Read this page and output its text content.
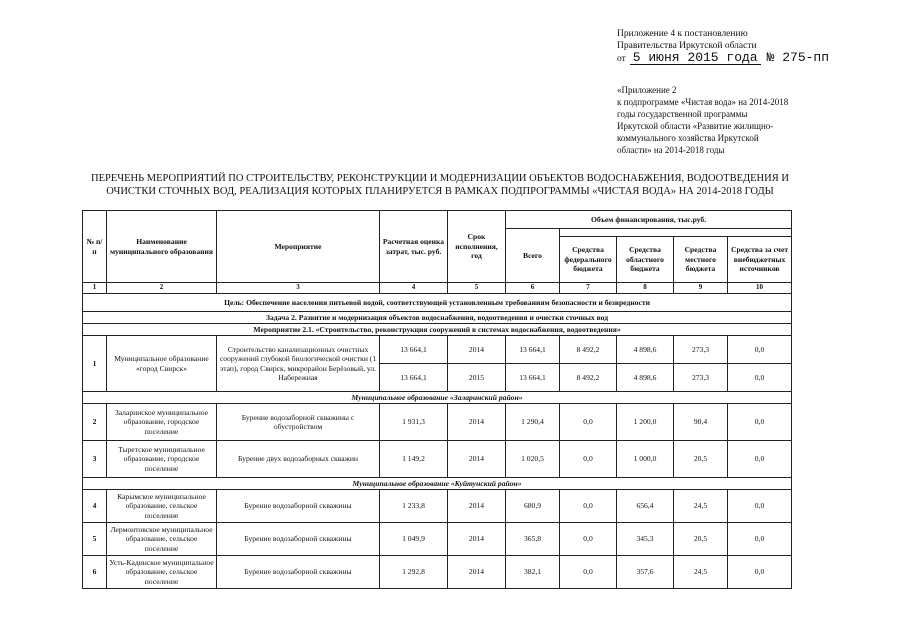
Приложение 4 к постановлению
Правительства Иркутской области
от 5 июня 2015 года № 275-пп
«Приложение 2
к подпрограмме «Чистая вода» на 2014-2018 годы государственной программы Иркутской области «Развитие жилищно-коммунального хозяйства Иркутской области» на 2014-2018 годы
ПЕРЕЧЕНЬ МЕРОПРИЯТИЙ ПО СТРОИТЕЛЬСТВУ, РЕКОНСТРУКЦИИ И МОДЕРНИЗАЦИИ ОБЪЕКТОВ ВОДОСНАБЖЕНИЯ, ВОДООТВЕДЕНИЯ И ОЧИСТКИ СТОЧНЫХ ВОД, РЕАЛИЗАЦИЯ КОТОРЫХ ПЛАНИРУЕТСЯ В РАМКАХ ПОДПРОГРАММЫ «ЧИСТАЯ ВОДА» НА 2014-2018 ГОДЫ
№ п/п	Наименование муниципального образования	Мероприятие	Расчетная оценка затрат, тыс. руб.	Срок исполнения, год	Объем финансирования, тыс.руб.				
					Всего				
						Средства федерального бюджета	Средства областного бюджета	Средства местного бюджета	Средства за счет внебюджетных источников
1	2	3	4	5	6	7	8	9	10
Цель: Обеспечение населения питьевой водой, соответствующей установленным требованиям безопасности и безвредности									
Задача 2. Развитие и модернизация объектов водоснабжения, водоотведения и очистки сточных вод									
Мероприятие 2.1. «Строительство, реконструкция сооружений в системах водоснабжения, водоотведения»									
1	Муниципальное образование «город Свирск»	Строительство канализационных очистных сооружений глубокой биологической очистки (1 этап), город Свирск, микрорайон Берёзовый, ул. Набережная	13 664,1	2014	13 664,1	8 492,2	4 898,6	273,3	0,0
			13 664,1	2015	13 664,1	8 492,2	4 898,6	273,3	0,0
Муниципальное образование «Заларинский район»									
2	Заларинское муниципальное образование, городское поселение	Бурение водозаборной скважины с обустройством	1 931,3	2014	1 290,4	0,0	1 200,0	90,4	0,0
3	Тыретское муниципальное образование, городское поселение	Бурение двух водозаборных скважин	1 149,2	2014	1 020,5	0,0	1 000,0	20,5	0,0
Муниципальное образование «Куйтунский район»									
4	Карымское муниципальное образование, сельское поселение	Бурение водозаборной скважины	1 233,8	2014	680,9	0,0	656,4	24,5	0,0
5	Лермонтовское муниципальное образование, сельское поселение	Бурение водозаборной скважины	1 049,9	2014	365,8	0,0	345,3	20,5	0,0
6	Усть-Кадинское муниципальное образование, сельское поселение	Бурение водозаборной скважины	1 292,8	2014	382,1	0,0	357,6	24,5	0,0
